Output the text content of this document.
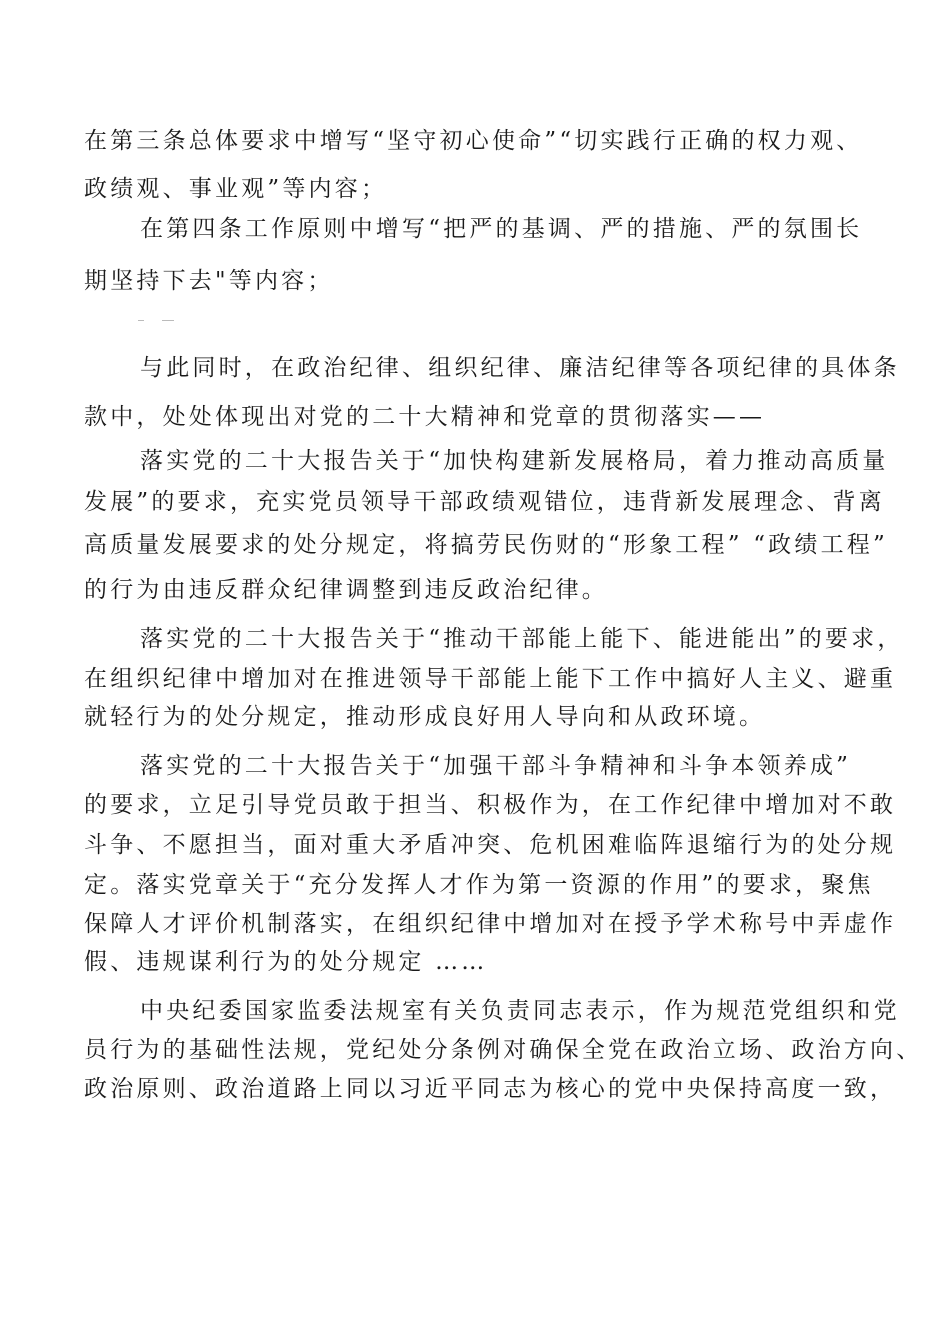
在第三条总体要求中增写“坚守初心使命”“切实践行正确的权力观、
政绩观、事业观”等内容；
在第四条工作原则中增写“把严的基调、严的措施、严的氛围长
期坚持下去"等内容；
与此同时，在政治纪律、组织纪律、廉洁纪律等各项纪律的具体条
款中，处处体现出对党的二十大精神和党章的贯彻落实——
落实党的二十大报告关于“加快构建新发展格局，着力推动高质量
发展”的要求，充实党员领导干部政绩观错位，违背新发展理念、背离
高质量发展要求的处分规定，将搞劳民伤财的“形象工程” “政绩工程”
的行为由违反群众纪律调整到违反政治纪律。
落实党的二十大报告关于“推动干部能上能下、能进能出”的要求，
在组织纪律中增加对在推进领导干部能上能下工作中搞好人主义、避重
就轻行为的处分规定，推动形成良好用人导向和从政环境。
落实党的二十大报告关于“加强干部斗争精神和斗争本领养成”
的要求，立足引导党员敢于担当、积极作为，在工作纪律中增加对不敢
斗争、不愿担当，面对重大矛盾冲突、危机困难临阵退缩行为的处分规
定。落实党章关于“充分发挥人才作为第一资源的作用”的要求，聚焦
保障人才评价机制落实，在组织纪律中增加对在授予学术称号中弄虚作
假、违规谋利行为的处分规定 ……
中央纪委国家监委法规室有关负责同志表示，作为规范党组织和党
员行为的基础性法规，党纪处分条例对确保全党在政治立场、政治方向、
政治原则、政治道路上同以习近平同志为核心的党中央保持高度一致，
